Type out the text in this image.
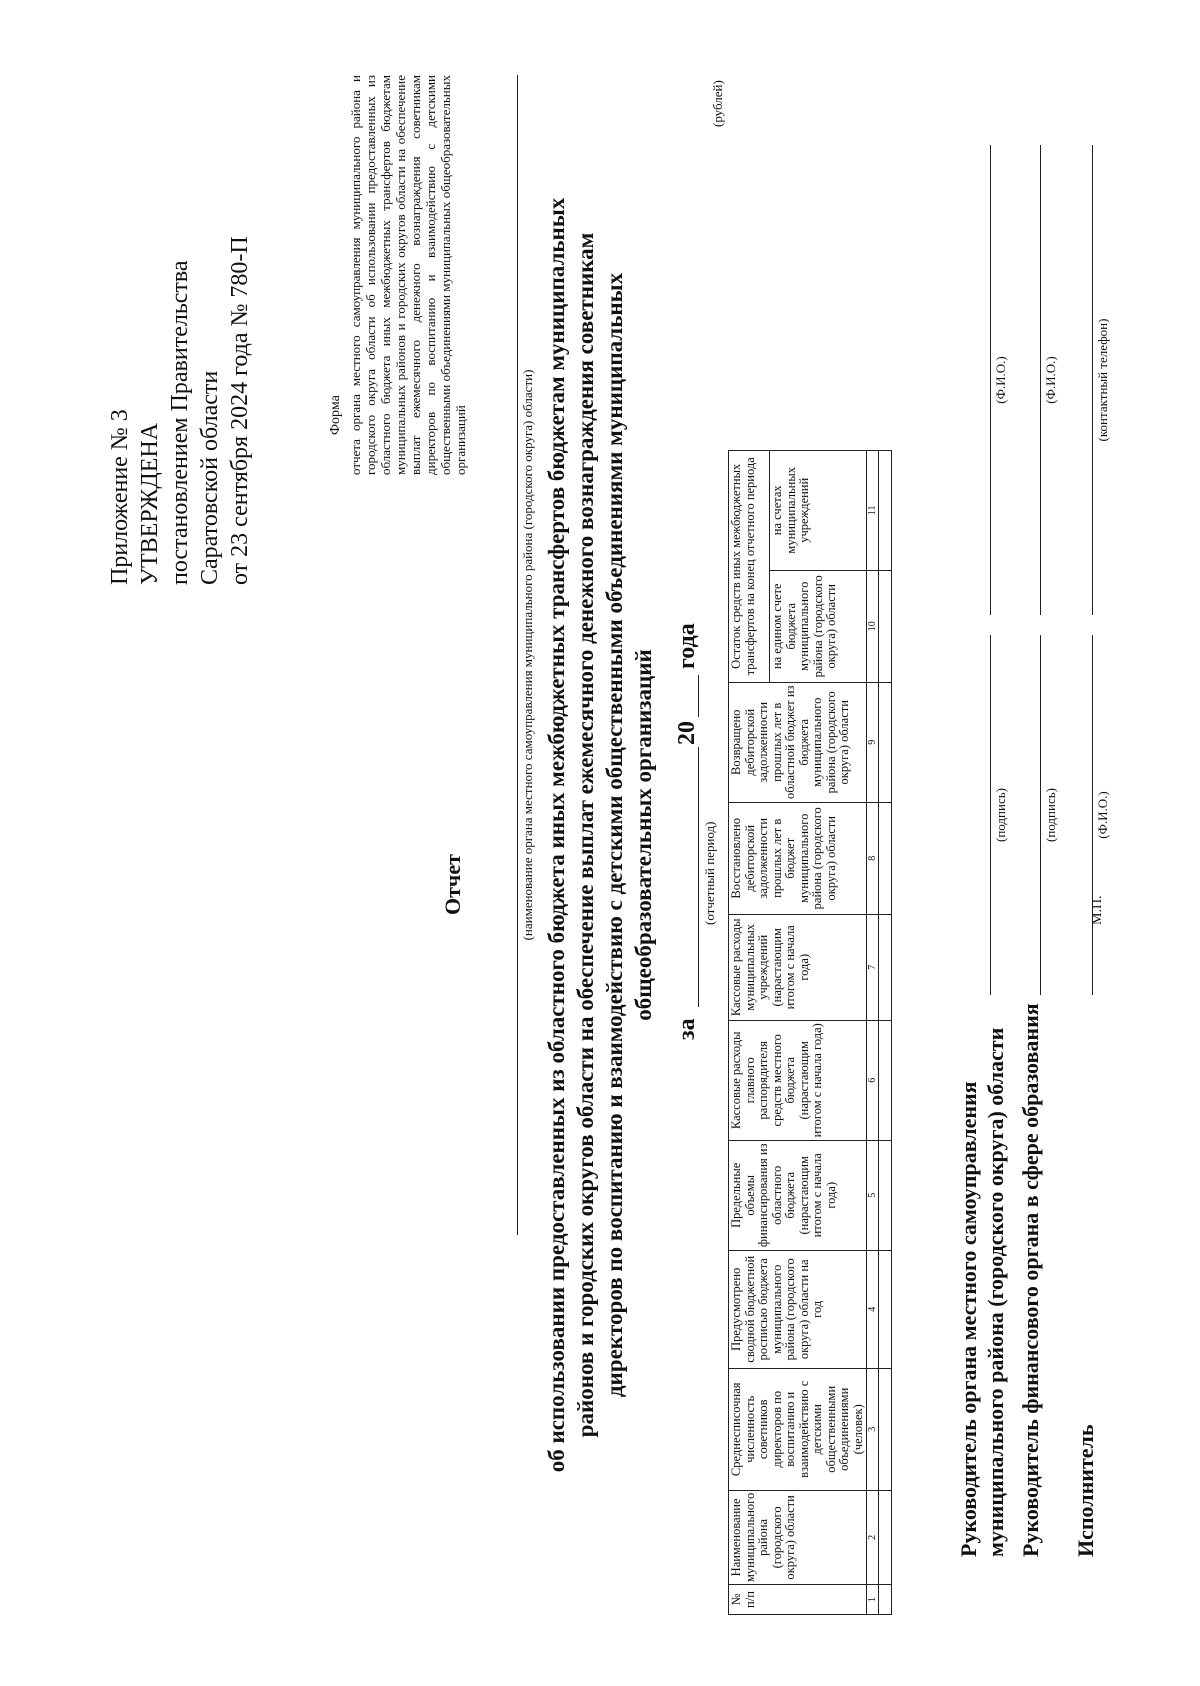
Приложение № 3 УТВЕРЖДЕНА постановлением Правительства Саратовской области от 23 сентября 2024 года № 780-П	Форма отчета органа местного самоуправления муниципального района и городского округа области об использовании предоставленных из областного бюджета иных межбюджетных трансфертов бюджетам муниципальных районов и городских округов области на обеспечение выплат ежемесячного денежного вознаграждения советникам директоров по воспитанию и взаимодействию с детскими общественными объединениями муниципальных общеобразовательных организаций
Отчет	(наименование органа местного самоуправления муниципального района (городского округа) области) об использовании предоставленных из областного бюджета иных межбюджетных трансфертов бюджетам муниципальных районов и городских округов области на обеспечение выплат ежемесячного денежного вознаграждения советникам директоров по воспитанию и взаимодействию с детскими общественными объединениями муниципальных общеобразовательных организаций
за
20
года
(отчетный период)
(рублей)
№ п/п	Наименование муниципального района (городского округа) области	Среднесписочная численность советников директоров по воспитанию и взаимодействию с детскими общественными объединениями (человек)	Предусмотрено сводной бюджетной росписью бюджета муниципального района (городского округа) области на год	Предельные объемы финансирования из областного бюджета (нарастающим итогом с начала года)	Кассовые расходы главного распорядителя средств местного бюджета (нарастающим итогом с начала года)	Кассовые расходы муниципальных учреждений (нарастающим итогом с начала года)	Восстановлено дебиторской задолженности прошлых лет в бюджет муниципального района (городского округа) области	Возвращено дебиторской задолженности прошлых лет в областной бюджет из бюджета муниципального района (городского округа) области	Остаток средств иных межбюджетных трансфертов на конец отчетного периода	
									на едином счете бюджета муниципального района (городского округа) области	на счетах муниципальных учреждений
1	2	3	4	5	6	7	8	9	10	11

Руководитель органа местного самоуправления муниципального района (городского округа) области
(подпись)
(Ф.И.О.)
Руководитель финансового органа в сфере образования
(подпись)
(Ф.И.О.)
Исполнитель
(Ф.И.О.)
(контактный телефон)
М.П.
